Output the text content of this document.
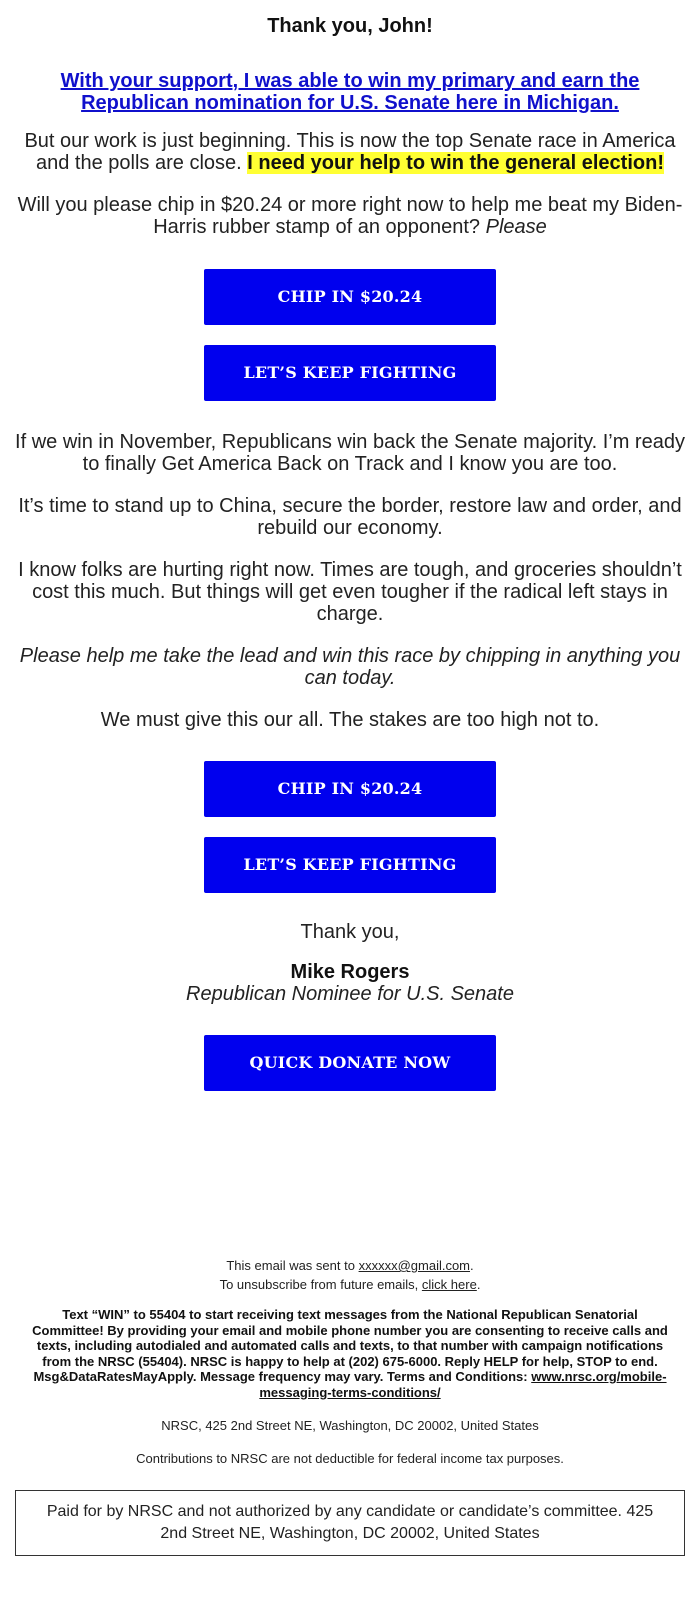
Thank you, John!

With your support, I was able to win my primary and earn the Republican nomination for U.S. Senate here in Michigan.

But our work is just beginning. This is now the top Senate race in America and the polls are close. I need your help to win the general election!

Will you please chip in $20.24 or more right now to help me beat my Biden-Harris rubber stamp of an opponent? Please

CHIP IN $20.24
LET’S KEEP FIGHTING

If we win in November, Republicans win back the Senate majority. I’m ready to finally Get America Back on Track and I know you are too.

It’s time to stand up to China, secure the border, restore law and order, and rebuild our economy.

I know folks are hurting right now. Times are tough, and groceries shouldn’t cost this much. But things will get even tougher if the radical left stays in charge.

Please help me take the lead and win this race by chipping in anything you can today.

We must give this our all. The stakes are too high not to.

CHIP IN $20.24
LET’S KEEP FIGHTING

Thank you,

Mike Rogers

Republican Nominee for U.S. Senate

QUICK DONATE NOW
This email was sent to xxxxxx@gmail.com.
To unsubscribe from future emails, click here.
Text “WIN” to 55404 to start receiving text messages from the National Republican Senatorial Committee! By providing your email and mobile phone number you are consenting to receive calls and texts, including autodialed and automated calls and texts, to that number with campaign notifications from the NRSC (55404). NRSC is happy to help at (202) 675-6000. Reply HELP for help, STOP to end. Msg&DataRatesMayApply. Message frequency may vary. Terms and Conditions: www.nrsc.org/mobile-messaging-terms-conditions/
NRSC, 425 2nd Street NE, Washington, DC 20002, United States
Contributions to NRSC are not deductible for federal income tax purposes.
Paid for by NRSC and not authorized by any candidate or candidate’s committee. 425 2nd Street NE, Washington, DC 20002, United States
